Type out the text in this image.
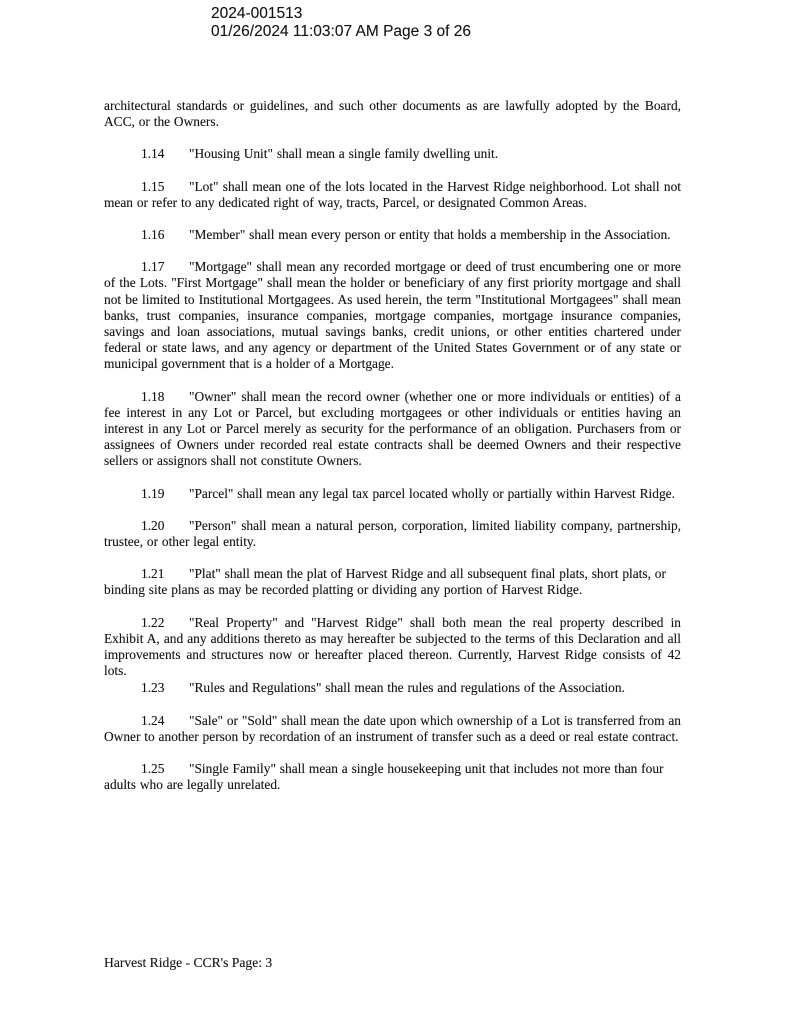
2024-001513
01/26/2024 11:03:07 AM Page 3 of 26

architectural standards or guidelines, and such other documents as are lawfully adopted by the Board, ACC, or the Owners.

1.14 "Housing Unit" shall mean a single family dwelling unit.

1.15 "Lot" shall mean one of the lots located in the Harvest Ridge neighborhood. Lot shall not mean or refer to any dedicated right of way, tracts, Parcel, or designated Common Areas.

1.16 "Member" shall mean every person or entity that holds a membership in the Association.

1.17 "Mortgage" shall mean any recorded mortgage or deed of trust encumbering one or more of the Lots. "First Mortgage" shall mean the holder or beneficiary of any first priority mortgage and shall not be limited to Institutional Mortgagees. As used herein, the term "Institutional Mortgagees" shall mean banks, trust companies, insurance companies, mortgage companies, mortgage insurance companies, savings and loan associations, mutual savings banks, credit unions, or other entities chartered under federal or state laws, and any agency or department of the United States Government or of any state or municipal government that is a holder of a Mortgage.

1.18 "Owner" shall mean the record owner (whether one or more individuals or entities) of a fee interest in any Lot or Parcel, but excluding mortgagees or other individuals or entities having an interest in any Lot or Parcel merely as security for the performance of an obligation. Purchasers from or assignees of Owners under recorded real estate contracts shall be deemed Owners and their respective sellers or assignors shall not constitute Owners.

1.19 "Parcel" shall mean any legal tax parcel located wholly or partially within Harvest Ridge.

1.20 "Person" shall mean a natural person, corporation, limited liability company, partnership, trustee, or other legal entity.

1.21 "Plat" shall mean the plat of Harvest Ridge and all subsequent final plats, short plats, or binding site plans as may be recorded platting or dividing any portion of Harvest Ridge.

1.22 "Real Property" and "Harvest Ridge" shall both mean the real property described in Exhibit A, and any additions thereto as may hereafter be subjected to the terms of this Declaration and all improvements and structures now or hereafter placed thereon. Currently, Harvest Ridge consists of 42 lots.

1.23 "Rules and Regulations" shall mean the rules and regulations of the Association.

1.24 "Sale" or "Sold" shall mean the date upon which ownership of a Lot is transferred from an Owner to another person by recordation of an instrument of transfer such as a deed or real estate contract.

1.25 "Single Family" shall mean a single housekeeping unit that includes not more than four adults who are legally unrelated.

Harvest Ridge - CCR's Page: 3
